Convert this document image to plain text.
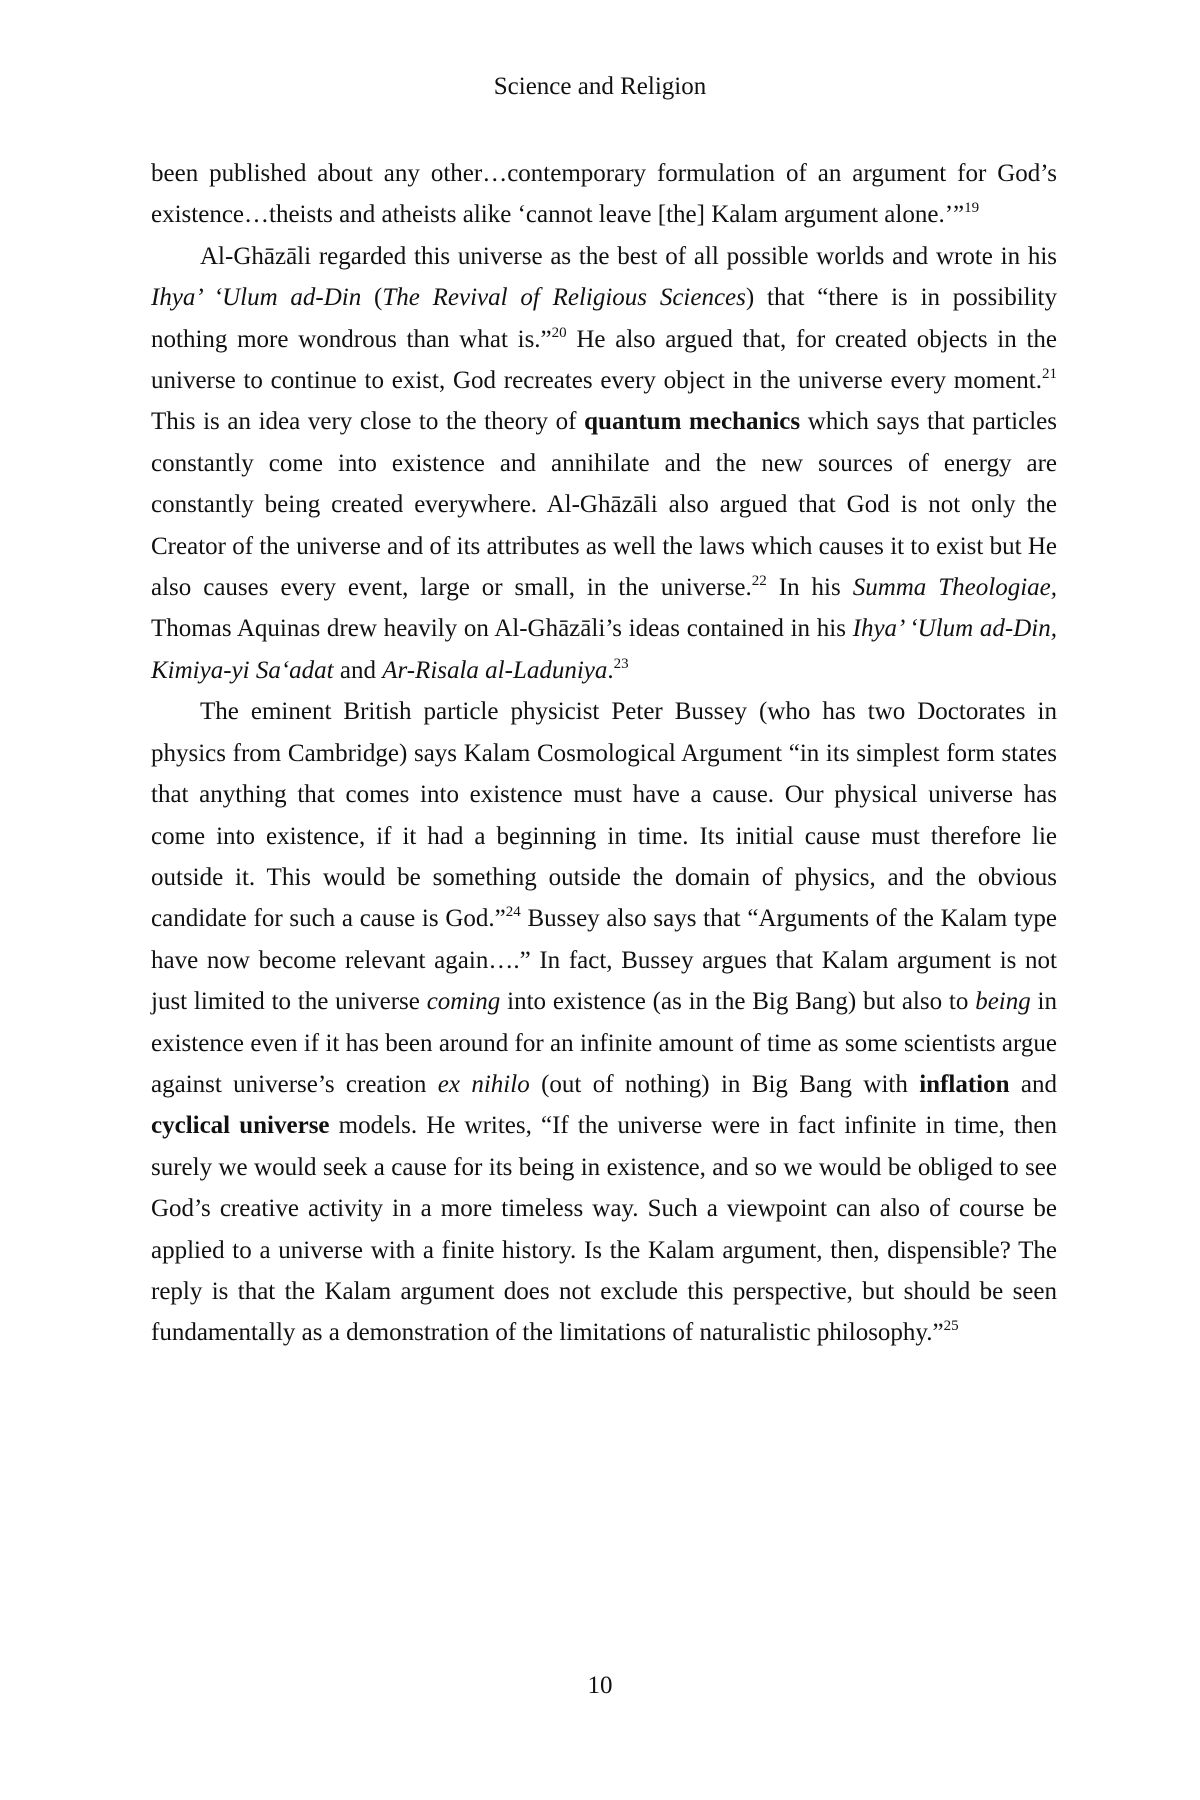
Science and Religion

been published about any other…contemporary formulation of an argument for God’s existence…theists and atheists alike ‘cannot leave [the] Kalam argument alone.’”$^{19}$

Al-Ghāzāli regarded this universe as the best of all possible worlds and wrote in his Ihya’ ‘Ulum ad-Din (The Revival of Religious Sciences) that “there is in possibility nothing more wondrous than what is.”$^{20}$ He also argued that, for created objects in the universe to continue to exist, God recreates every object in the universe every moment.$^{21}$ This is an idea very close to the theory of quantum mechanics which says that particles constantly come into existence and annihilate and the new sources of energy are constantly being created everywhere. Al-Ghāzāli also argued that God is not only the Creator of the universe and of its attributes as well the laws which causes it to exist but He also causes every event, large or small, in the universe.$^{22}$ In his Summa Theologiae, Thomas Aquinas drew heavily on Al-Ghāzāli’s ideas contained in his Ihya’ ‘Ulum ad-Din, Kimiya-yi Sa‘adat and Ar-Risala al-Laduniya.$^{23}$

The eminent British particle physicist Peter Bussey (who has two Doctorates in physics from Cambridge) says Kalam Cosmological Argument “in its simplest form states that anything that comes into existence must have a cause. Our physical universe has come into existence, if it had a beginning in time. Its initial cause must therefore lie outside it. This would be something outside the domain of physics, and the obvious candidate for such a cause is God.”$^{24}$ Bussey also says that “Arguments of the Kalam type have now become relevant again….” In fact, Bussey argues that Kalam argument is not just limited to the universe coming into existence (as in the Big Bang) but also to being in existence even if it has been around for an infinite amount of time as some scientists argue against universe’s creation ex nihilo (out of nothing) in Big Bang with inflation and cyclical universe models. He writes, “If the universe were in fact infinite in time, then surely we would seek a cause for its being in existence, and so we would be obliged to see God’s creative activity in a more timeless way. Such a viewpoint can also of course be applied to a universe with a finite history. Is the Kalam argument, then, dispensible? The reply is that the Kalam argument does not exclude this perspective, but should be seen fundamentally as a demonstration of the limitations of naturalistic philosophy.”$^{25}$

10
